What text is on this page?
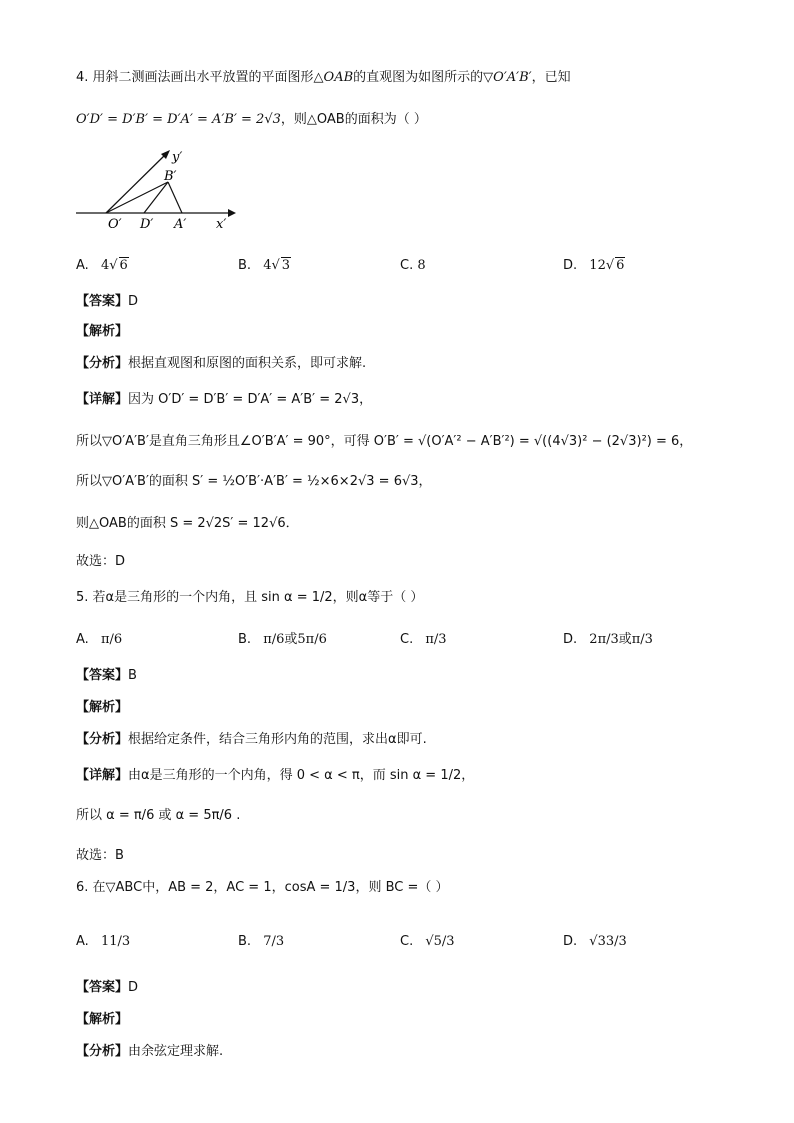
4. 用斜二测画法画出水平放置的平面图形△OAB的直观图为如图所示的▽O′A′B′，已知
O′D′ = D′B′ = D′A′ = A′B′ = 2√3，则△OAB的面积为（ ）
y′
B′
O′ D′ A′ x′
A. 4√ 6	B. 4√ 3	C. 8	D. 12√ 6
【答案】D
【解析】
【分析】根据直观图和原图的面积关系，即可求解.
【详解】因为 O′D′ = D′B′ = D′A′ = A′B′ = 2√3，
所以▽O′A′B′是直角三角形且∠O′B′A′ = 90°，可得 O′B′ = √(O′A′² − A′B′²) = √((4√3)² − (2√3)²) = 6，
所以▽O′A′B′的面积 S′ = ½O′B′·A′B′ = ½×6×2√3 = 6√3，
则△OAB的面积 S = 2√2S′ = 12√6．
故选：D
5. 若α是三角形的一个内角，且 sin α = 1/2，则α等于（ ）
A. π/6	B. π/6或5π/6	C. π/3	D. 2π/3或π/3
【答案】B
【解析】
【分析】根据给定条件，结合三角形内角的范围，求出α即可.
【详解】由α是三角形的一个内角，得 0 < α < π，而 sin α = 1/2，
所以 α = π/6 或 α = 5π/6 .
故选：B
6. 在▽ABC中，AB = 2，AC = 1，cosA = 1/3，则 BC =（ ）
A. 11/3	B. 7/3	C. √5/3	D. √33/3
【答案】D
【解析】
【分析】由余弦定理求解.
